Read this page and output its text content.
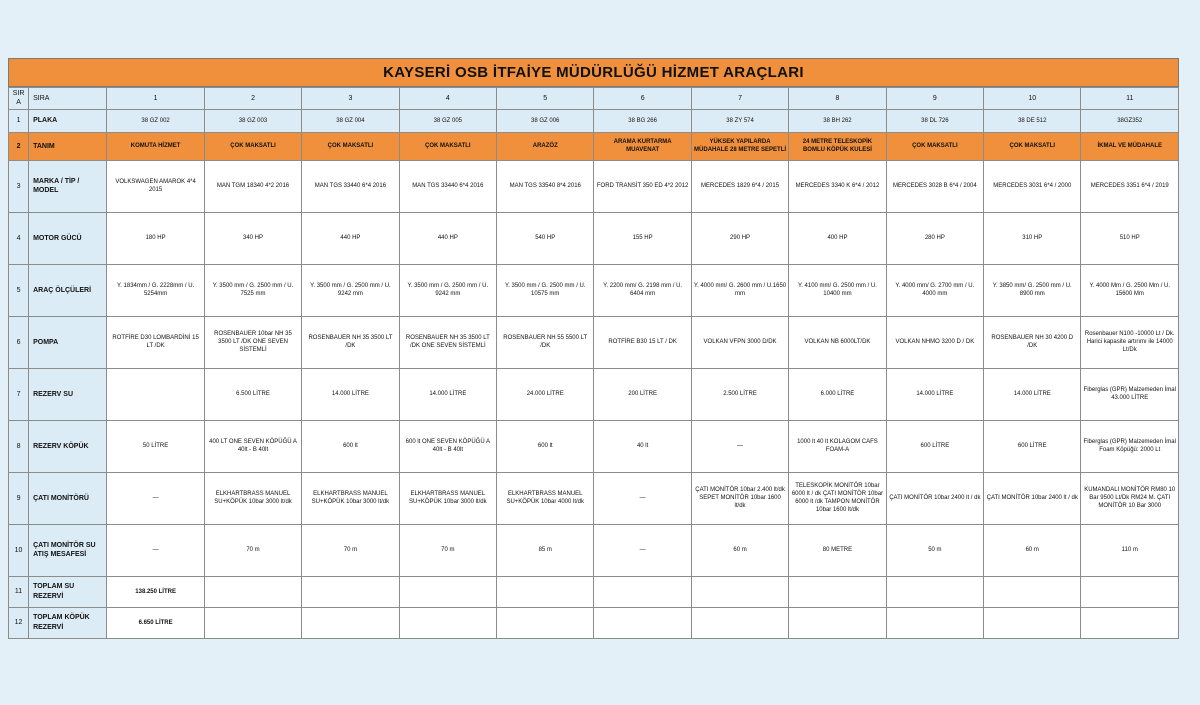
KAYSERİ OSB İTFAİYE MÜDÜRLÜĞÜ HİZMET ARAÇLARI
SIRA	SIRA	1	2	3	4	5	6	7	8	9	10	11
1	PLAKA	38 GZ 002	38 GZ 003	38 GZ 004	38 GZ 005	38 GZ 006	38 BG 266	38 ZY 574	38 BH 262	38 DL 726	38 DE 512	38GZ352
2	TANIM	KOMUTA HİZMET	ÇOK MAKSATLI	ÇOK MAKSATLI	ÇOK MAKSATLI	ARAZÖZ	ARAMA KURTARMA MUAVENAT	YÜKSEK YAPILARDA MÜDAHALE 28 METRE SEPETLİ	24 METRE TELESKOPİK BOMLU KÖPÜK KULESİ	ÇOK MAKSATLI	ÇOK MAKSATLI	İKMAL VE MÜDAHALE
3	MARKA / TİP / MODEL	VOLKSWAGEN AMAROK 4*4 2015	MAN TGM 18340 4*2 2016	MAN TGS 33440 6*4 2016	MAN TGS 33440 6*4 2016	MAN TGS 33540 8*4 2016	FORD TRANSİT 350 ED 4*2 2012	MERCEDES 1829 6*4 / 2015	MERCEDES 3340 K 6*4 / 2012	MERCEDES 3028 B 6*4 / 2004	MERCEDES 3031 6*4 / 2000	MERCEDES 3351 6*4 / 2019
4	MOTOR GÜCÜ	180 HP	340 HP	440 HP	440 HP	540 HP	155 HP	290 HP	400 HP	280 HP	310 HP	510 HP
5	ARAÇ ÖLÇÜLERİ	Y. 1834mm / G. 2228mm / U. 5254mm	Y. 3500 mm / G. 2500 mm / U. 7525 mm	Y. 3500 mm / G. 2500 mm / U. 9242 mm	Y. 3500 mm / G. 2500 mm / U. 9242 mm	Y. 3500 mm / G. 2500 mm / U. 10575 mm	Y. 2200 mm/ G. 2198 mm / U. 6404 mm	Y. 4000 mm/ G. 2600 mm / U.1650 mm	Y. 4100 mm/ G. 2500 mm / U. 10400 mm	Y. 4000 mm/ G. 2700 mm / U. 4000 mm	Y. 3850 mm/ G. 2500 mm / U. 8900 mm	Y. 4000 Mm / G. 2500 Mm / U. 15600 Mm
6	POMPA	ROTFİRE D30 LOMBARDİNİ 15 LT /DK	ROSENBAUER 10bar NH 35 3500 LT /DK ONE SEVEN SİSTEMLİ	ROSENBAUER NH 35 3500 LT /DK	ROSENBAUER NH 35 3500 LT /DK ONE SEVEN SİSTEMLİ	ROSENBAUER NH 55 5500 LT /DK	ROTFİRE B30 15 LT / DK	VOLKAN VFPN 3000 D/DK	VOLKAN NB 6000LT/DK	VOLKAN NHMO 3200 D / DK	ROSENBAUER NH 30 4200 D /DK	Rosenbauer N100 -10000 Lt / Dk. Harici kapasite artırımı ile 14000 Lt/Dk
7	REZERV SU		6.500 LİTRE	14.000 LİTRE	14.000 LİTRE	24.000 LİTRE	200 LİTRE	2.500 LİTRE	6.000 LİTRE	14.000 LİTRE	14.000 LİTRE	Fiberglas (GPR) Malzemeden İmal 43.000 LİTRE
8	REZERV KÖPÜK	50 LİTRE	400 LT ONE SEVEN KÖPÜĞÜ A 40lt - B 40lt	600 lt	600 lt ONE SEVEN KÖPÜĞÜ A 40lt - B 40lt	600 lt	40 lt	—	1000 lt 40 lt KOLAGOM CAFS FOAM-A	600 LİTRE	600 LİTRE	Fiberglas (GPR) Malzemeden İmal Foam Köpüğü: 2000 Lt
9	ÇATI MONİTÖRÜ	—	ELKHARTBRASS MANUEL SU+KÖPÜK 10bar 3000 lt/dk	ELKHARTBRASS MANUEL SU+KÖPÜK 10bar 3000 lt/dk	ELKHARTBRASS MANUEL SU+KÖPÜK 10bar 3000 lt/dk	ELKHARTBRASS MANUEL SU+KÖPÜK 10bar 4000 lt/dk	—	ÇATI MONİTÖR 10bar 2.400 lt/dk SEPET MONİTÖR 10bar 1600 lt/dk	TELESKOPİK MONİTÖR 10bar 6000 lt / dk ÇATI MONİTÖR 10bar 6000 lt /dk TAMPON MONİTÖR 10bar 1600 lt/dk	ÇATI MONİTÖR 10bar 2400 lt / dk	ÇATI MONİTÖR 10bar 2400 lt / dk	KUMANDALI MONİTÖR RM80 10 Bar 9500 Lt/Dk RM24 M. ÇATI MONİTÖR 10 Bar 3000
10	ÇATI MONİTÖR SU ATIŞ MESAFESİ	—	70 m	70 m	70 m	85 m	—	60 m	80 METRE	50 m	60 m	110 m
11	TOPLAM SU REZERVİ	138.250 LİTRE										
12	TOPLAM KÖPÜK REZERVİ	6.650 LİTRE										
